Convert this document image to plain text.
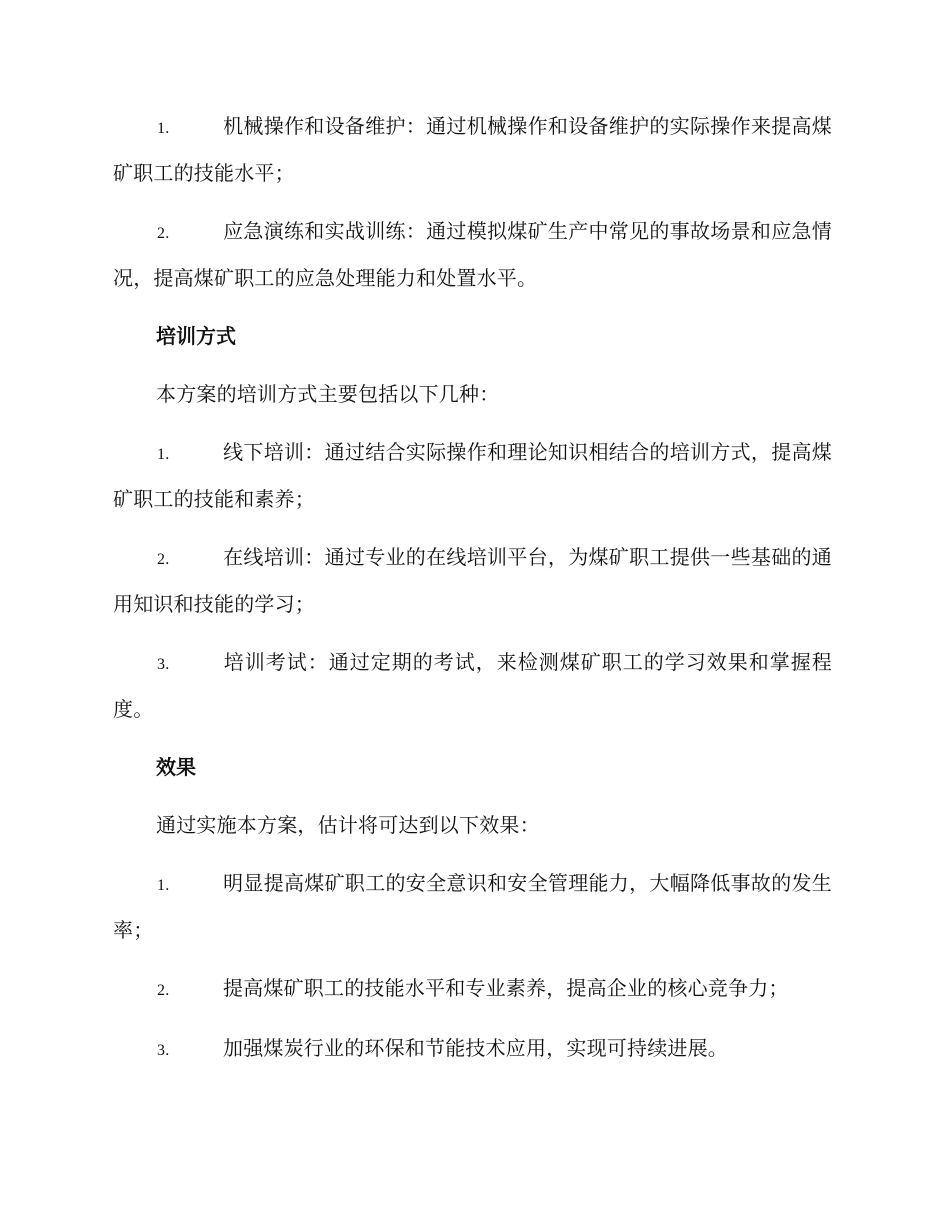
1.	机械操作和设备维护：通过机械操作和设备维护的实际操作来提高煤矿职工的技能水平；

2.	应急演练和实战训练：通过模拟煤矿生产中常见的事故场景和应急情况，提高煤矿职工的应急处理能力和处置水平。

培训方式

本方案的培训方式主要包括以下几种：

1.	线下培训：通过结合实际操作和理论知识相结合的培训方式，提高煤矿职工的技能和素养；

2.	在线培训：通过专业的在线培训平台，为煤矿职工提供一些基础的通用知识和技能的学习；

3.	培训考试：通过定期的考试，来检测煤矿职工的学习效果和掌握程度。

效果

通过实施本方案，估计将可达到以下效果：

1.	明显提高煤矿职工的安全意识和安全管理能力，大幅降低事故的发生率；

2.	提高煤矿职工的技能水平和专业素养，提高企业的核心竞争力；

3.	加强煤炭行业的环保和节能技术应用，实现可持续进展。
